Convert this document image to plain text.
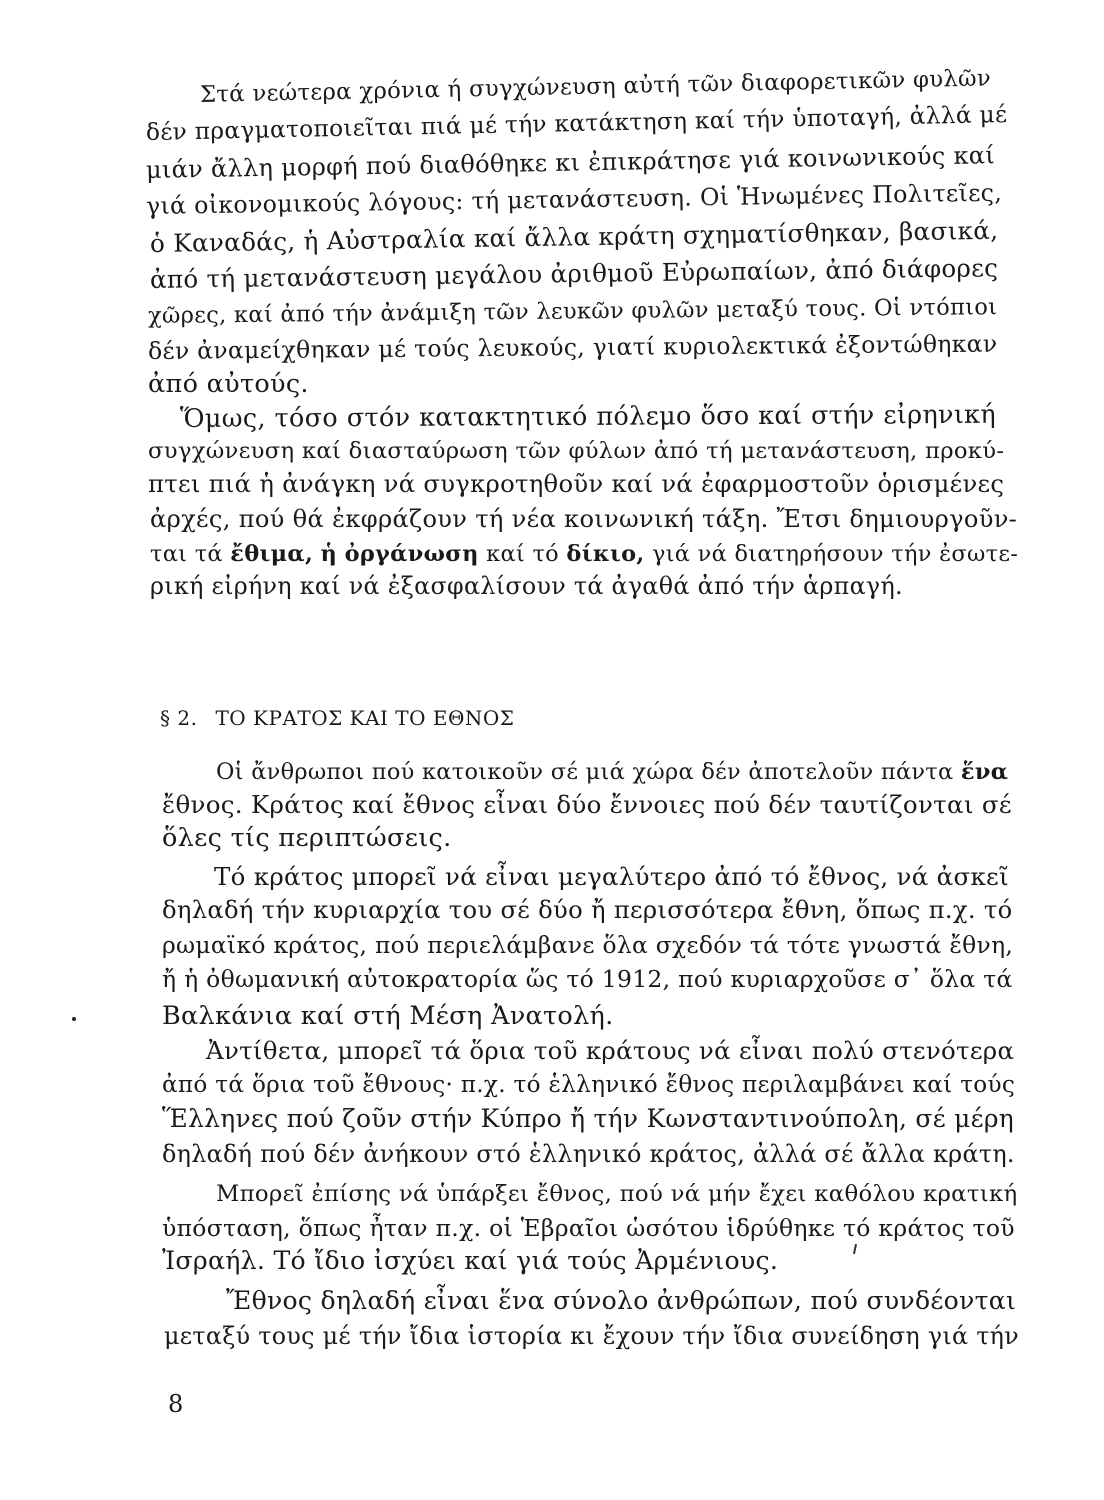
Στά νεώτερα χρόνια ή συγχώνευση αὐτή τῶν διαφορετικῶν φυλῶν

δέν πραγματοποιεῖται πιά μέ τήν κατάκτηση καί τήν ὑποταγή, ἀλλά μέ

μιάν ἄλλη μορφή πού διαθόθηκε κι ἐπικράτησε γιά κοινωνικούς καί

γιά οἰκονομικούς λόγους: τή μετανάστευση. Οἱ Ἡνωμένες Πολιτεῖες,

ὁ Καναδάς, ἡ Αὐστραλία καί ἄλλα κράτη σχηματίσθηκαν, βασικά,

ἀπό τή μετανάστευση μεγάλου ἀριθμοῦ Εὐρωπαίων, ἀπό διάφορες

χῶρες, καί ἀπό τήν ἀνάμιξη τῶν λευκῶν φυλῶν μεταξύ τους. Οἱ ντόπιοι

δέν ἀναμείχθηκαν μέ τούς λευκούς, γιατί κυριολεκτικά ἐξοντώθηκαν

ἀπό αὐτούς.

Ὅμως, τόσο στόν κατακτητικό πόλεμο ὅσο καί στήν εἰρηνική

συγχώνευση καί διασταύρωση τῶν φύλων ἀπό τή μετανάστευση, προκύ-

πτει πιά ἡ ἀνάγκη νά συγκροτηθοῦν καί νά ἐφαρμοστοῦν ὁρισμένες

ἀρχές, πού θά ἐκφράζουν τή νέα κοινωνική τάξη. Ἔτσι δημιουργοῦν-

ται τά ἔθιμα, ἡ ὀργάνωση καί τό δίκιο, γιά νά διατηρήσουν τήν ἐσωτε-

ρική εἰρήνη καί νά ἐξασφαλίσουν τά ἀγαθά ἀπό τήν ἁρπαγή.

§ 2. ΤΟ ΚΡΑΤΟΣ ΚΑΙ ΤΟ ΕΘΝΟΣ

Οἱ ἄνθρωποι πού κατοικοῦν σέ μιά χώρα δέν ἀποτελοῦν πάντα ἕνα

ἔθνος. Κράτος καί ἔθνος εἶναι δύο ἔννοιες πού δέν ταυτίζονται σέ

ὅλες τίς περιπτώσεις.

Τό κράτος μπορεῖ νά εἶναι μεγαλύτερο ἀπό τό ἔθνος, νά ἀσκεῖ

δηλαδή τήν κυριαρχία του σέ δύο ἤ περισσότερα ἔθνη, ὅπως π.χ. τό

ρωμαϊκό κράτος, πού περιελάμβανε ὅλα σχεδόν τά τότε γνωστά ἔθνη,

ἤ ἡ ὀθωμανική αὐτοκρατορία ὥς τό 1912, πού κυριαρχοῦσε σ᾽ ὅλα τά

Βαλκάνια καί στή Μέση Ἀνατολή.

Ἀντίθετα, μπορεῖ τά ὅρια τοῦ κράτους νά εἶναι πολύ στενότερα

ἀπό τά ὅρια τοῦ ἔθνους· π.χ. τό ἑλληνικό ἔθνος περιλαμβάνει καί τούς

Ἕλληνες πού ζοῦν στήν Κύπρο ἤ τήν Κωνσταντινούπολη, σέ μέρη

δηλαδή πού δέν ἀνήκουν στό ἑλληνικό κράτος, ἀλλά σέ ἄλλα κράτη.

Μπορεῖ ἐπίσης νά ὑπάρξει ἔθνος, πού νά μήν ἔχει καθόλου κρατική

ὑπόσταση, ὅπως ἦταν π.χ. οἱ Ἑβραῖοι ὡσότου ἱδρύθηκε τό κράτος τοῦ

Ἰσραήλ. Τό ἴδιο ἰσχύει καί γιά τούς Ἀρμένιους.

Ἔθνος δηλαδή εἶναι ἕνα σύνολο ἀνθρώπων, πού συνδέονται

μεταξύ τους μέ τήν ἴδια ἱστορία κι ἔχουν τήν ἴδια συνείδηση γιά τήν

8
